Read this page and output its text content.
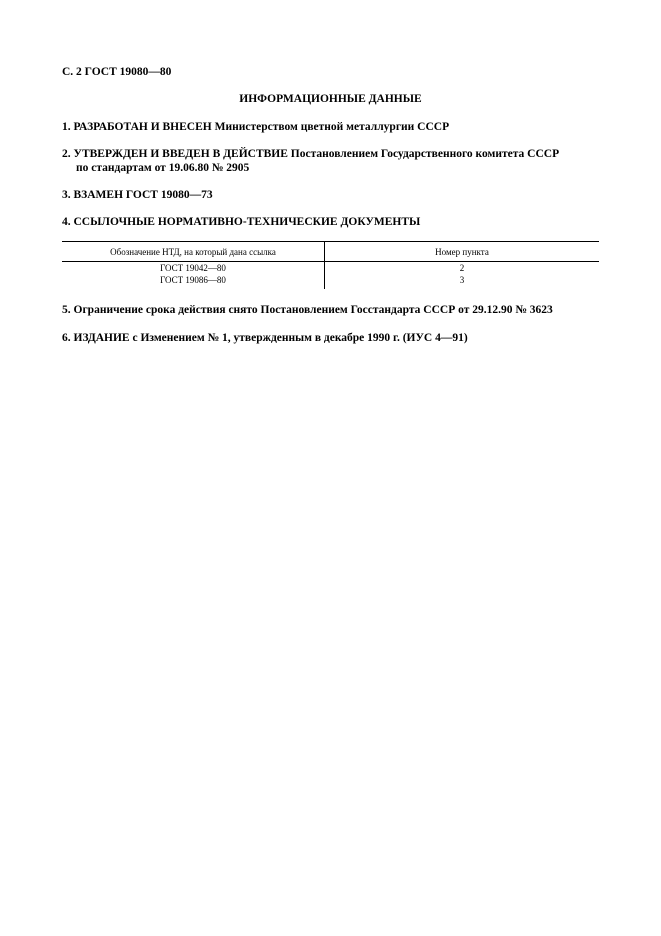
С. 2 ГОСТ 19080—80
ИНФОРМАЦИОННЫЕ ДАННЫЕ
1. РАЗРАБОТАН И ВНЕСЕН Министерством цветной металлургии СССР
2. УТВЕРЖДЕН И ВВЕДЕН В ДЕЙСТВИЕ Постановлением Государственного комитета СССР
по стандартам от 19.06.80 № 2905
3. ВЗАМЕН ГОСТ 19080—73
4. ССЫЛОЧНЫЕ НОРМАТИВНО-ТЕХНИЧЕСКИЕ ДОКУМЕНТЫ
Обозначение НТД, на который дана ссылка	Номер пункта
ГОСТ 19042—80	2
ГОСТ 19086—80	3
5. Ограничение срока действия снято Постановлением Госстандарта СССР от 29.12.90 № 3623
6. ИЗДАНИЕ с Изменением № 1, утвержденным в декабре 1990 г. (ИУС 4—91)
